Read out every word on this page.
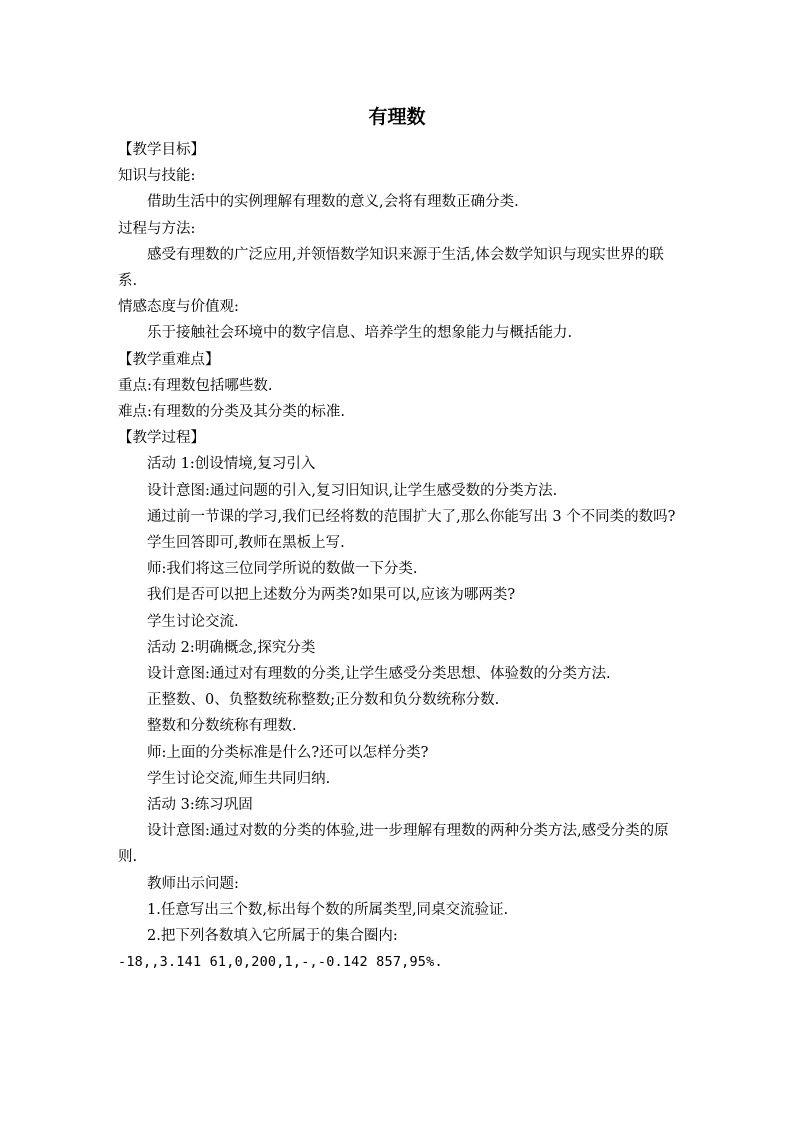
有理数

【教学目标】

知识与技能:

借助生活中的实例理解有理数的意义,会将有理数正确分类.

过程与方法:

感受有理数的广泛应用,并领悟数学知识来源于生活,体会数学知识与现实世界的联系.

情感态度与价值观:

乐于接触社会环境中的数字信息、培养学生的想象能力与概括能力.

【教学重难点】

重点:有理数包括哪些数.

难点:有理数的分类及其分类的标准.

【教学过程】

活动 1:创设情境,复习引入

设计意图:通过问题的引入,复习旧知识,让学生感受数的分类方法.

通过前一节课的学习,我们已经将数的范围扩大了,那么你能写出 3 个不同类的数吗?

学生回答即可,教师在黑板上写.

师:我们将这三位同学所说的数做一下分类.

我们是否可以把上述数分为两类?如果可以,应该为哪两类?

学生讨论交流.

活动 2:明确概念,探究分类

设计意图:通过对有理数的分类,让学生感受分类思想、体验数的分类方法.

正整数、0、负整数统称整数;正分数和负分数统称分数.

整数和分数统称有理数.

师:上面的分类标准是什么?还可以怎样分类?

学生讨论交流,师生共同归纳.

活动 3:练习巩固

设计意图:通过对数的分类的体验,进一步理解有理数的两种分类方法,感受分类的原则.

教师出示问题:

1.任意写出三个数,标出每个数的所属类型,同桌交流验证.

2.把下列各数填入它所属于的集合圈内:

-18,,3.141 61,0,200,1,-,-0.142 857,95%.
